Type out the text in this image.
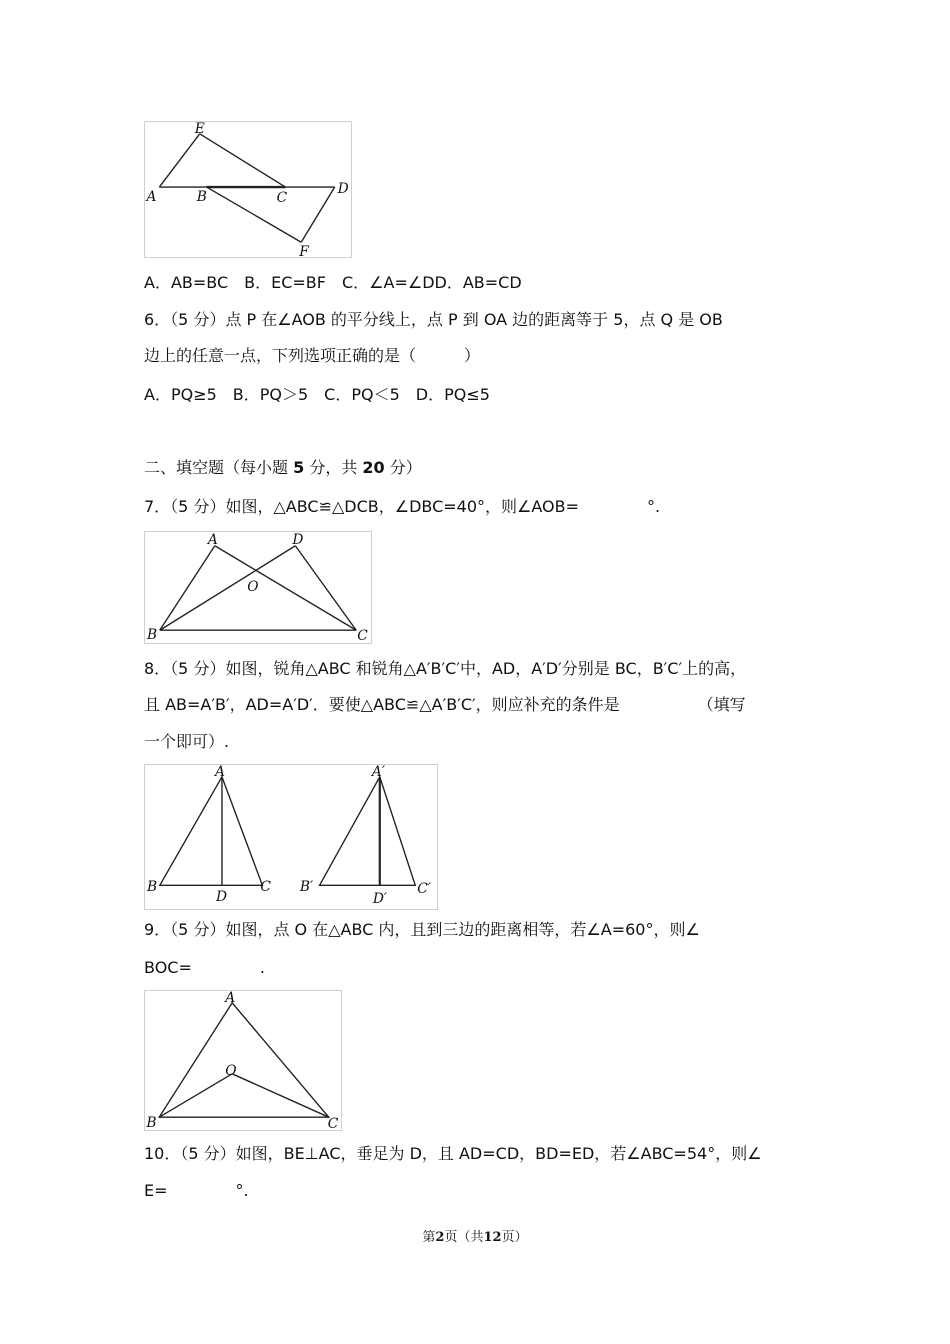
A	B	C
D
E
F
A．AB=BC　B．EC=BF　C．∠A=∠DD．AB=CD
6．（5 分）点 P 在∠AOB 的平分线上，点 P 到 OA 边的距离等于 5，点 Q 是 OB
边上的任意一点，下列选项正确的是（　　　）
A．PQ≥5　B．PQ＞5　C．PQ＜5　D．PQ≤5
二、填空题（每小题 5 分，共 20 分）
7．（5 分）如图，△ABC≌△DCB，∠DBC=40°，则∠AOB=	°.
A	D
O
B	C
8．（5 分）如图，锐角△ABC 和锐角△A′B′C′中，AD，A′D′分别是 BC，B′C′上的高，
且 AB=A′B′，AD=A′D′．要使△ABC≌△A′B′C′，则应补充的条件是	（填写
一个即可）.
A
B
D
C
A′
B′
D′
C′
9．（5 分）如图，点 O 在△ABC 内，且到三边的距离相等，若∠A=60°，则∠
BOC=	.
A
O
B	C
10．（5 分）如图，BE⊥AC，垂足为 D，且 AD=CD，BD=ED，若∠ABC=54°，则∠
E=	°.
第2页（共12页）
